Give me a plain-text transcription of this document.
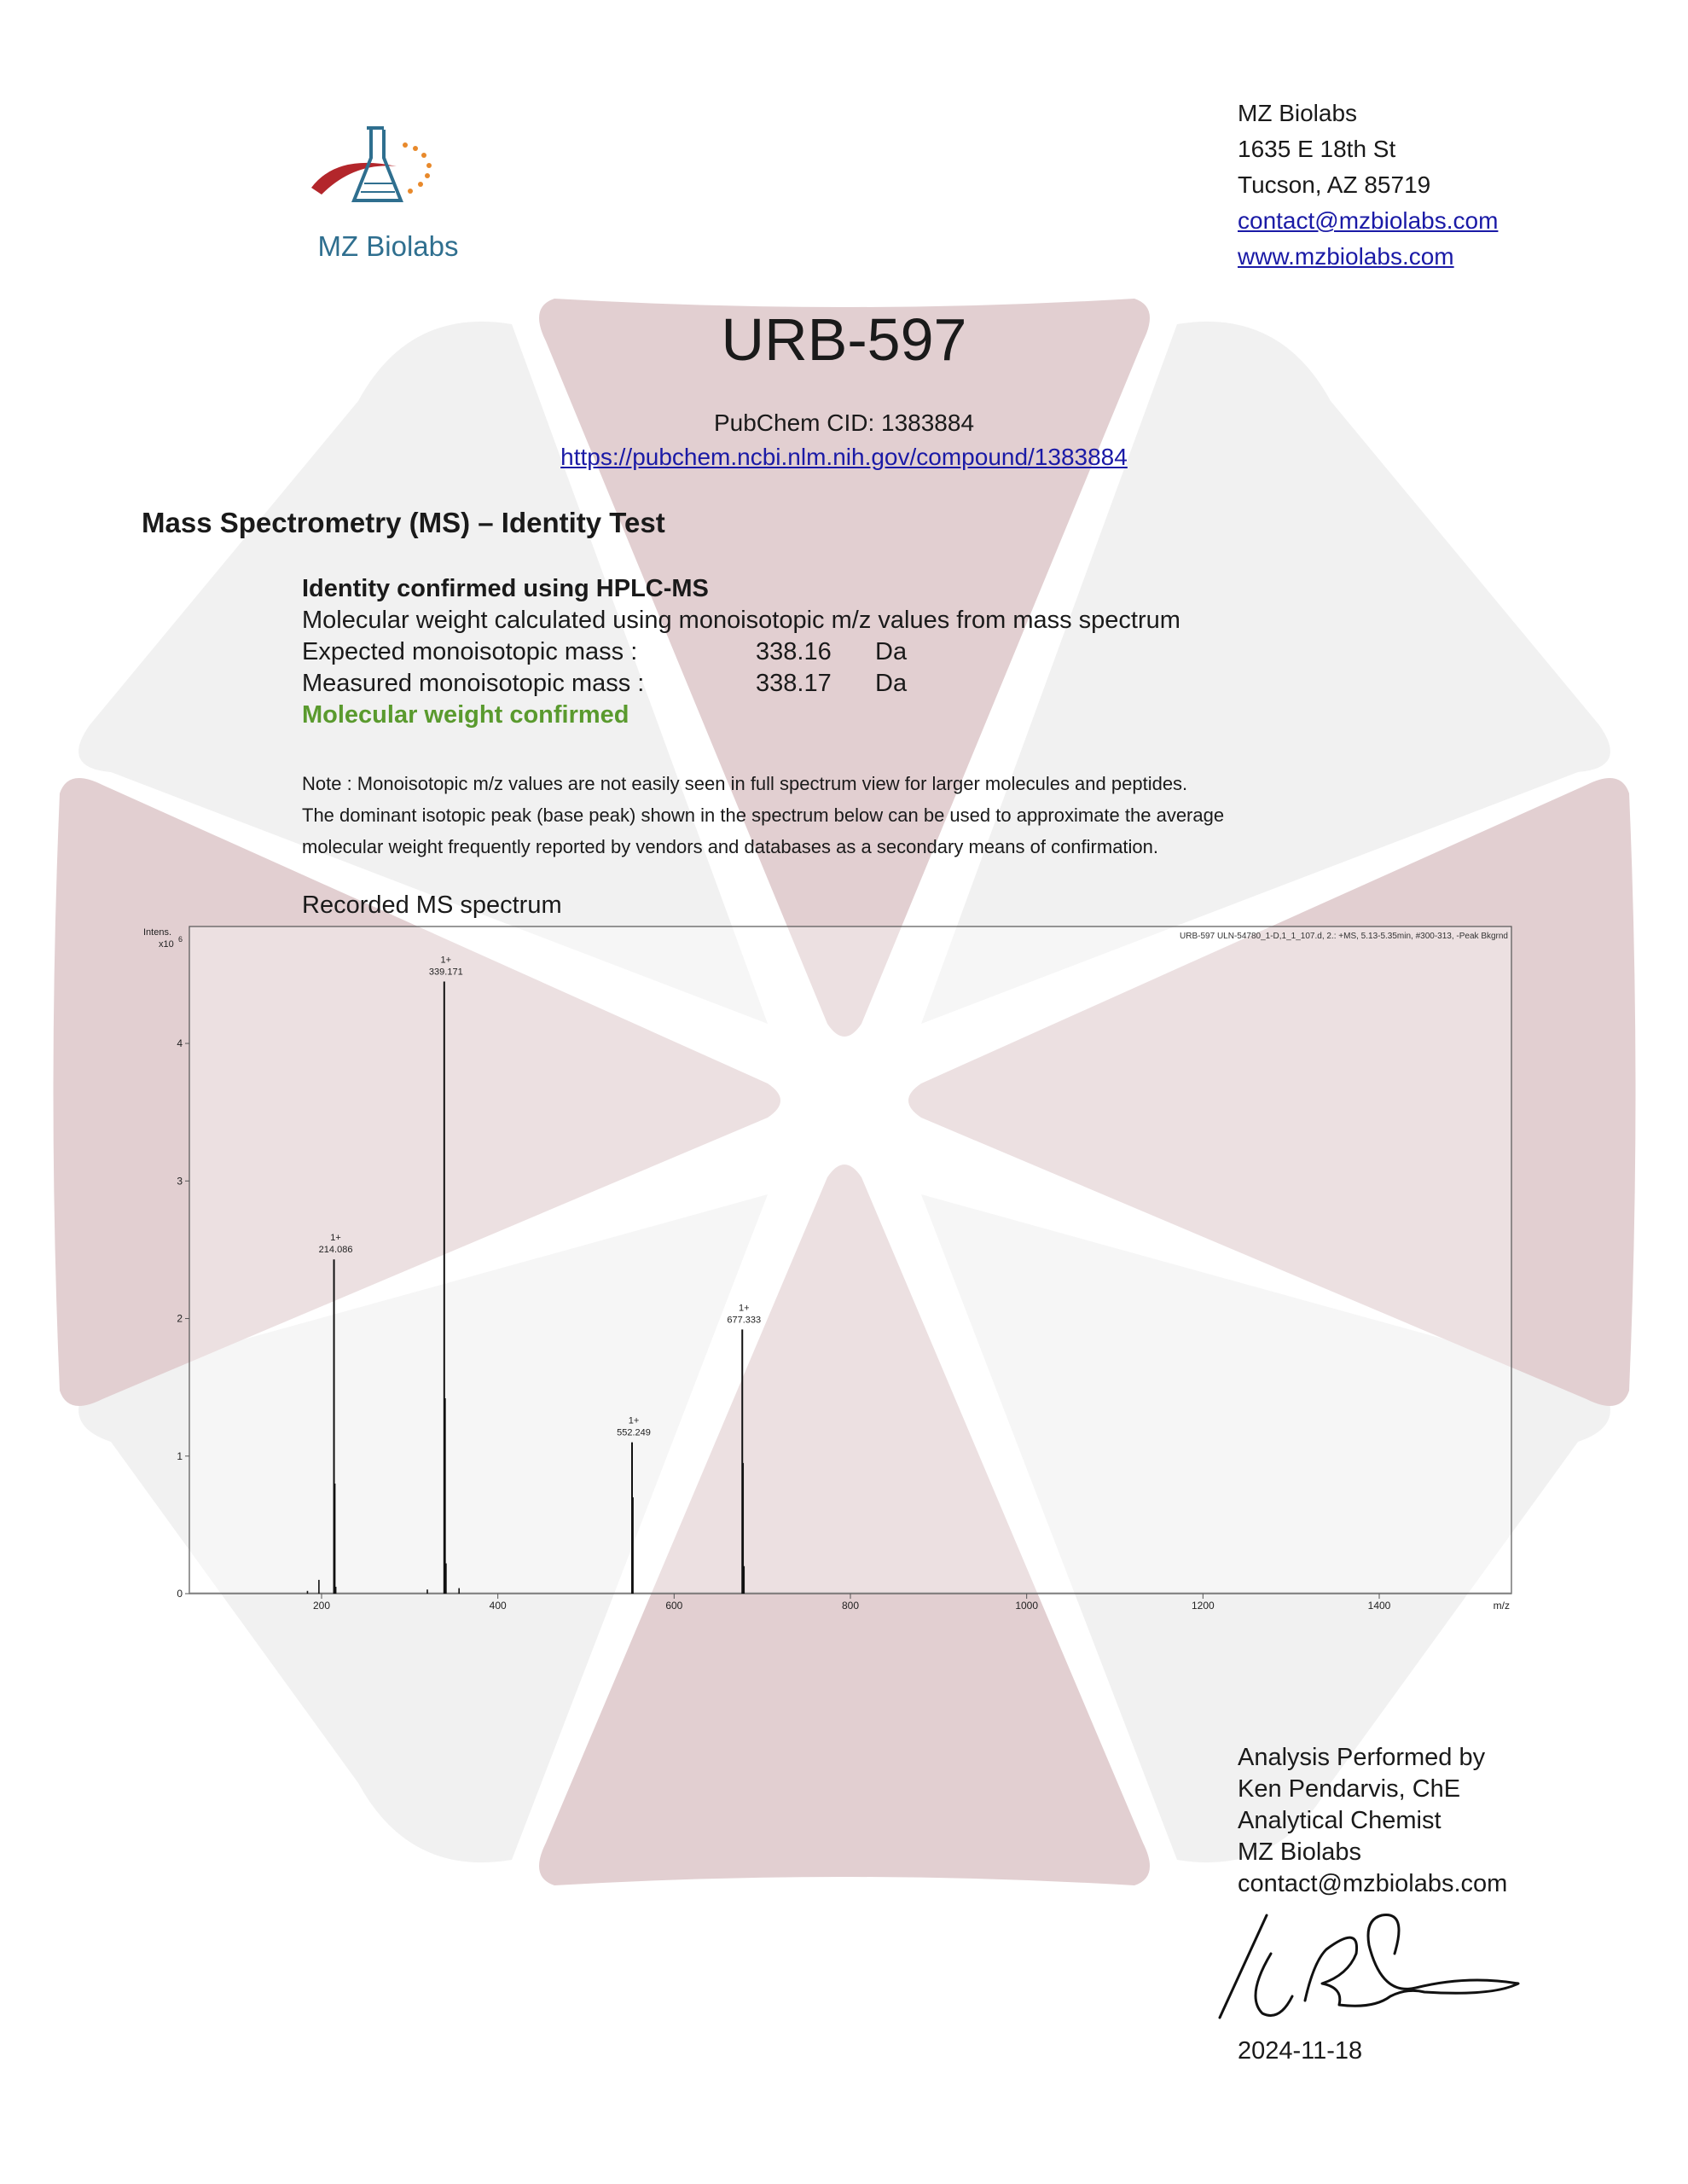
MZ Biolabs
MZ Biolabs
1635 E 18th St
Tucson, AZ 85719
contact@mzbiolabs.com
www.mzbiolabs.com
URB-597
PubChem CID: 1383884
https://pubchem.ncbi.nlm.nih.gov/compound/1383884
Mass Spectrometry (MS) – Identity Test
Identity confirmed using HPLC-MS
Molecular weight calculated using monoisotopic m/z values from mass spectrum
Expected monoisotopic mass :	338.16	Da
Measured monoisotopic mass :	338.17	Da
Molecular weight confirmed
Note : Monoisotopic m/z values are not easily seen in full spectrum view for larger molecules and peptides.
The dominant isotopic peak (base peak) shown in the spectrum below can be used to approximate the average
molecular weight frequently reported by vendors and databases as a secondary means of confirmation.
Recorded MS spectrum
URB-597 ULN-54780_1-D,1_1_107.d, 2.: +MS, 5.13-5.35min, #300-313, -Peak Bkgrnd
Intens.
x10 6
m/z
200	400	600	800	1000	1200	1400
0
1
2
3
4
1+
214.086
1+
339.171
1+
552.249
1+
677.333
Analysis Performed by
Ken Pendarvis, ChE
Analytical Chemist
MZ Biolabs
contact@mzbiolabs.com
2024-11-18
